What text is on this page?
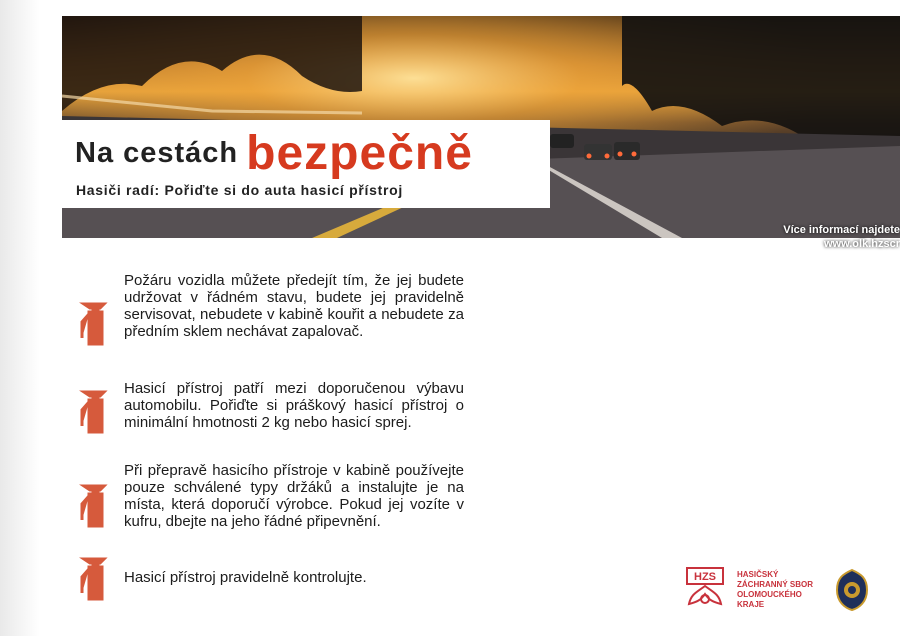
Více informací najdete
www.olk.hzscr
Na cestách bezpečně
Hasiči radí: Pořiďte si do auta hasicí přístroj
Požáru vozidla můžete předejít tím, že jej budete udržovat v řádném stavu, budete jej pravidelně servisovat, nebudete v kabině kouřit a nebudete za předním sklem nechávat zapalovač.
Hasicí přístroj patří mezi doporučenou výbavu automobilu. Pořiďte si práškový hasicí přístroj o minimální hmotnosti 2 kg nebo hasicí sprej.
Při přepravě hasicího přístroje v kabině používejte pouze schválené typy držáků a instalujte je na místa, která doporučí výrobce. Pokud jej vozíte v kufru, dbejte na jeho řádné připevnění.
Hasicí přístroj pravidelně kontrolujte.	HZS	HASIČSKÝ
ZÁCHRANNÝ SBOR
OLOMOUCKÉHO
KRAJE
